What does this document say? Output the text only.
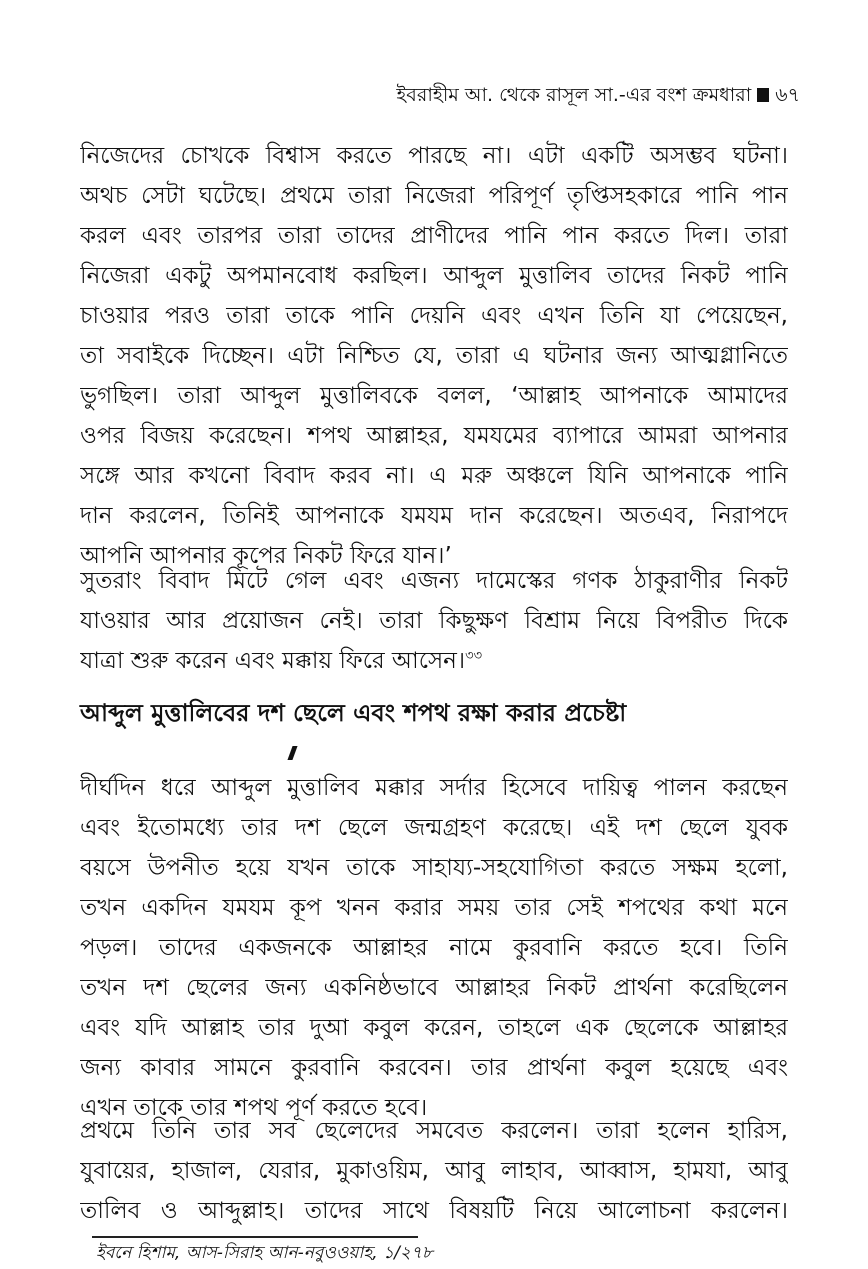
ইবরাহীম আ. থেকে রাসূল সা.-এর বংশ ক্রমধারা ৬৭
নিজেদের চোখকে বিশ্বাস করতে পারছে না। এটা একটি অসম্ভব ঘটনা।
অথচ সেটা ঘটেছে। প্রথমে তারা নিজেরা পরিপূর্ণ তৃপ্তিসহকারে পানি পান
করল এবং তারপর তারা তাদের প্রাণীদের পানি পান করতে দিল। তারা
নিজেরা একটু অপমানবোধ করছিল। আব্দুল মুত্তালিব তাদের নিকট পানি
চাওয়ার পরও তারা তাকে পানি দেয়নি এবং এখন তিনি যা পেয়েছেন,
তা সবাইকে দিচ্ছেন। এটা নিশ্চিত যে, তারা এ ঘটনার জন্য আত্মগ্লানিতে
ভুগছিল। তারা আব্দুল মুত্তালিবকে বলল, ‘আল্লাহ আপনাকে আমাদের
ওপর বিজয় করেছেন। শপথ আল্লাহর, যমযমের ব্যাপারে আমরা আপনার
সঙ্গে আর কখনো বিবাদ করব না। এ মরু অঞ্চলে যিনি আপনাকে পানি
দান করলেন, তিনিই আপনাকে যমযম দান করেছেন। অতএব, নিরাপদে
আপনি আপনার কূপের নিকট ফিরে যান।’
সুতরাং বিবাদ মিটে গেল এবং এজন্য দামেস্কের গণক ঠাকুরাণীর নিকট
যাওয়ার আর প্রয়োজন নেই। তারা কিছুক্ষণ বিশ্রাম নিয়ে বিপরীত দিকে
যাত্রা শুরু করেন এবং মক্কায় ফিরে আসেন।$^{৩৩}$
আব্দুল মুত্তালিবের দশ ছেলে এবং শপথ রক্ষা করার প্রচেষ্টা
দীর্ঘদিন ধরে আব্দুল মুত্তালিব মক্কার সর্দার হিসেবে দায়িত্ব পালন করছেন
এবং ইতোমধ্যে তার দশ ছেলে জন্মগ্রহণ করেছে। এই দশ ছেলে যুবক
বয়সে উপনীত হয়ে যখন তাকে সাহায্য-সহযোগিতা করতে সক্ষম হলো,
তখন একদিন যমযম কূপ খনন করার সময় তার সেই শপথের কথা মনে
পড়ল। তাদের একজনকে আল্লাহর নামে কুরবানি করতে হবে। তিনি
তখন দশ ছেলের জন্য একনিষ্ঠভাবে আল্লাহর নিকট প্রার্থনা করেছিলেন
এবং যদি আল্লাহ তার দুআ কবুল করেন, তাহলে এক ছেলেকে আল্লাহর
জন্য কাবার সামনে কুরবানি করবেন। তার প্রার্থনা কবুল হয়েছে এবং
এখন তাকে তার শপথ পূর্ণ করতে হবে।
প্রথমে তিনি তার সব ছেলেদের সমবেত করলেন। তারা হলেন হারিস,
যুবায়ের, হাজাল, যেরার, মুকাওয়িম, আবু লাহাব, আব্বাস, হামযা, আবু
তালিব ও আব্দুল্লাহ। তাদের সাথে বিষয়টি নিয়ে আলোচনা করলেন।
ইবনে হিশাম, আস-সিরাহ আন-নবুওওয়াহ, ১/২৭৮
